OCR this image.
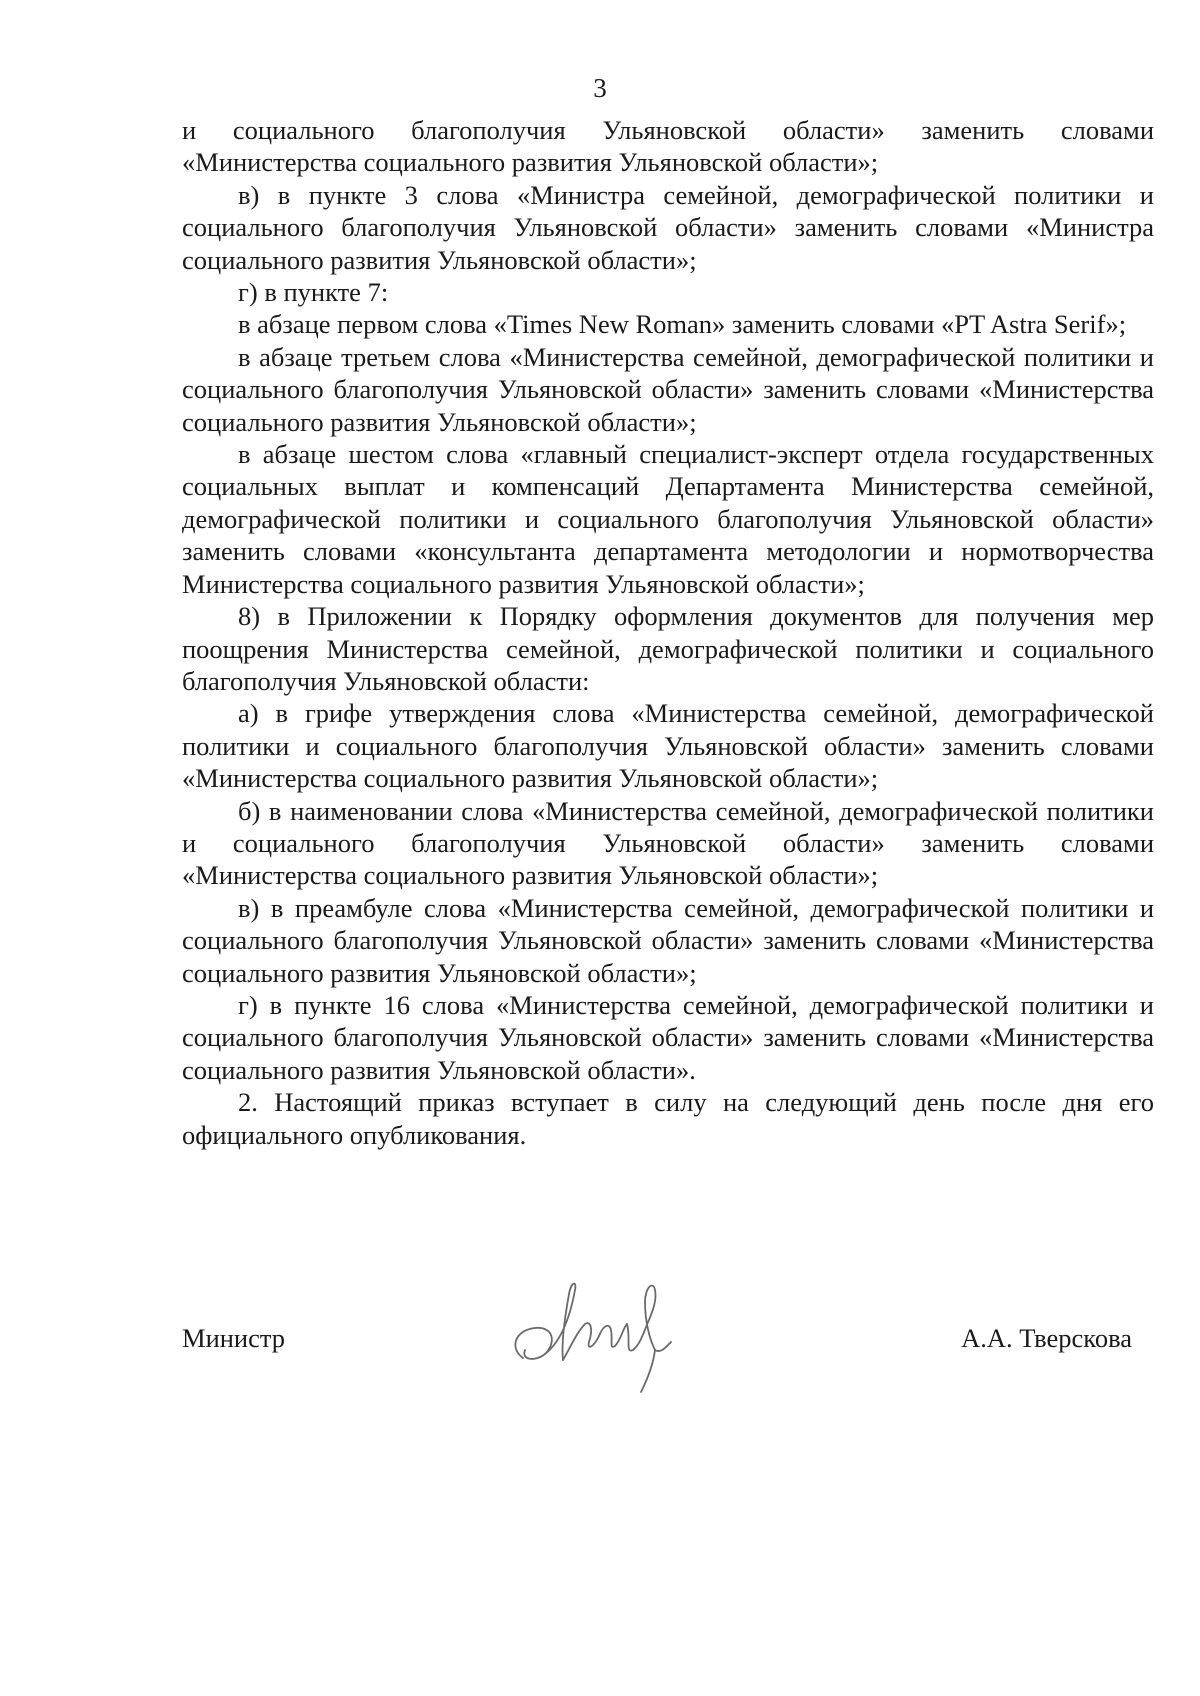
3

и социального благополучия Ульяновской области» заменить словами «Министерства социального развития Ульяновской области»;

в) в пункте 3 слова «Министра семейной, демографической политики и социального благополучия Ульяновской области» заменить словами «Министра социального развития Ульяновской области»;

г) в пункте 7:

в абзаце первом слова «Times New Roman» заменить словами «PT Astra Serif»;

в абзаце третьем слова «Министерства семейной, демографической политики и социального благополучия Ульяновской области» заменить словами «Министерства социального развития Ульяновской области»;

в абзаце шестом слова «главный специалист-эксперт отдела государственных социальных выплат и компенсаций Департамента Министерства семейной, демографической политики и социального благополучия Ульяновской области» заменить словами «консультанта департамента методологии и нормотворчества Министерства социального развития Ульяновской области»;

8) в Приложении к Порядку оформления документов для получения мер поощрения Министерства семейной, демографической политики и социального благополучия Ульяновской области:

а) в грифе утверждения слова «Министерства семейной, демографической политики и социального благополучия Ульяновской области» заменить словами «Министерства социального развития Ульяновской области»;

б) в наименовании слова «Министерства семейной, демографической политики и социального благополучия Ульяновской области» заменить словами «Министерства социального развития Ульяновской области»;

в) в преамбуле слова «Министерства семейной, демографической политики и социального благополучия Ульяновской области» заменить словами «Министерства социального развития Ульяновской области»;

г) в пункте 16 слова «Министерства семейной, демографической политики и социального благополучия Ульяновской области» заменить словами «Министерства социального развития Ульяновской области».

2. Настоящий приказ вступает в силу на следующий день после дня его официального опубликования.

Министр	А.А. Тверскова
